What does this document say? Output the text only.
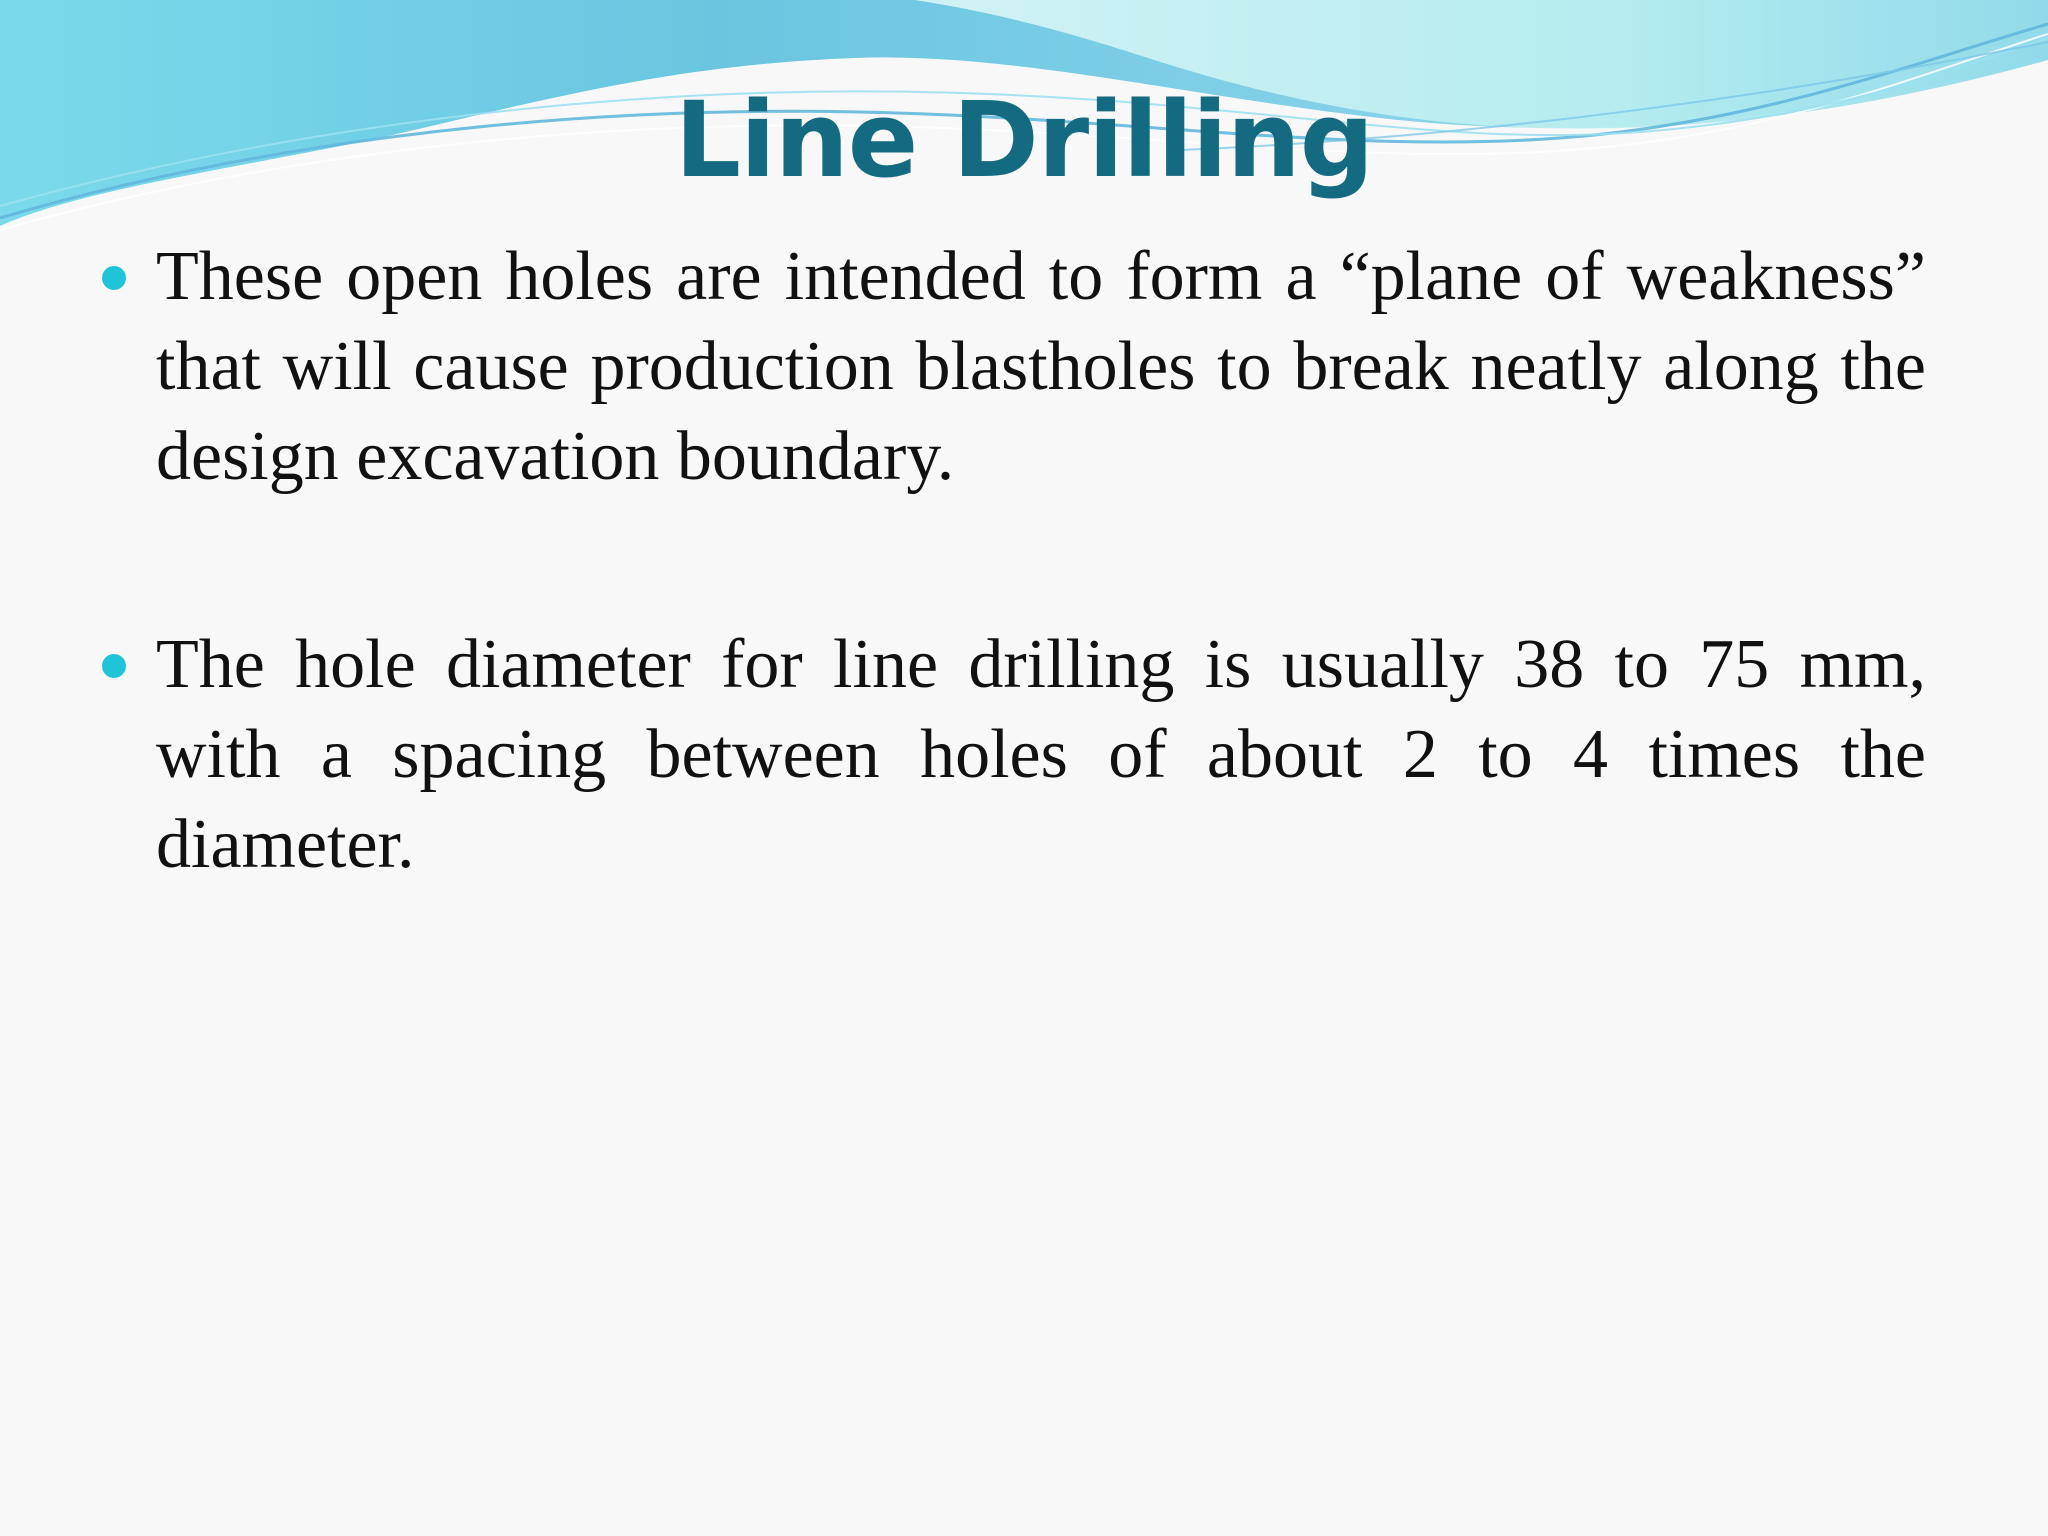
Line Drilling

These open holes are intended to form a “plane of weakness” that will cause production blastholes to break neatly along the design excavation boundary.

The hole diameter for line drilling is usually 38 to 75 mm, with a spacing between holes of about 2 to 4 times the diameter.
